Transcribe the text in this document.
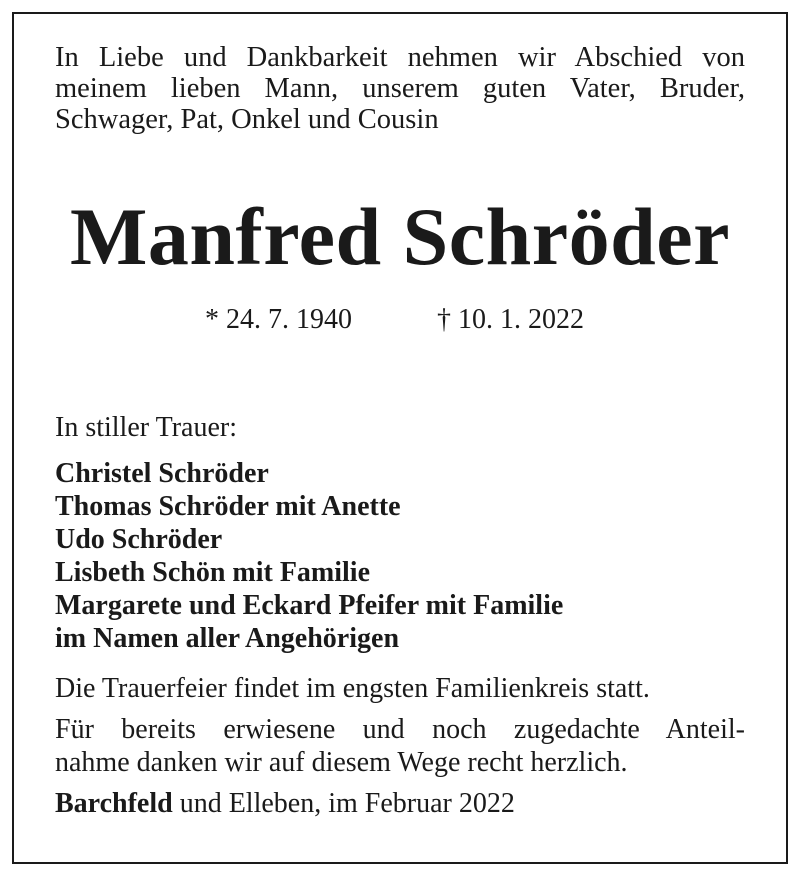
In Liebe und Dankbarkeit nehmen wir Abschied von
meinem lieben Mann, unserem guten Vater, Bruder,
Schwager, Pat, Onkel und Cousin
Manfred Schröder
* 24. 7. 1940	† 10. 1. 2022
In stiller Trauer:
Christel Schröder
Thomas Schröder mit Anette
Udo Schröder
Lisbeth Schön mit Familie
Margarete und Eckard Pfeifer mit Familie
im Namen aller Angehörigen

Die Trauerfeier findet im engsten Familienkreis statt.

Für bereits erwiesene und noch zugedachte Anteil-
nahme danken wir auf diesem Wege recht herzlich.

Barchfeld und Elleben, im Februar 2022
